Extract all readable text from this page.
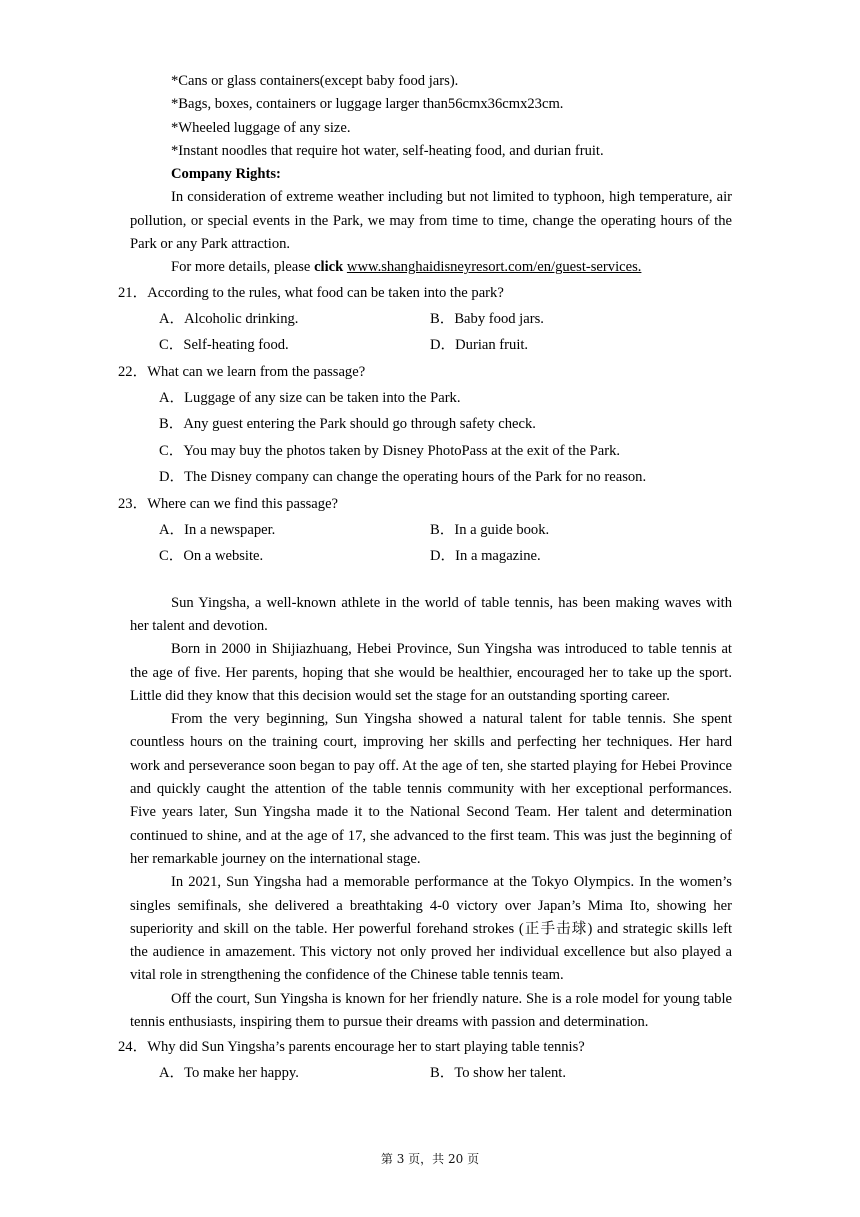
*Cans or glass containers(except baby food jars).
*Bags, boxes, containers or luggage larger than56cmx36cmx23cm.
*Wheeled luggage of any size.
*Instant noodles that require hot water, self-heating food, and durian fruit.
Company Rights:
In consideration of extreme weather including but not limited to typhoon, high temperature, air pollution, or special events in the Park, we may from time to time, change the operating hours of the Park or any Park attraction.
For more details, please click www.shanghaidisneyresort.com/en/guest-services.
21．According to the rules, what food can be taken into the park?
A．Alcoholic drinking.	B．Baby food jars.
C．Self-heating food.	D．Durian fruit.
22．What can we learn from the passage?
A．Luggage of any size can be taken into the Park.
B．Any guest entering the Park should go through safety check.
C．You may buy the photos taken by Disney PhotoPass at the exit of the Park.
D．The Disney company can change the operating hours of the Park for no reason.
23．Where can we find this passage?
A．In a newspaper.	B．In a guide book.
C．On a website.	D．In a magazine.
Sun Yingsha, a well-known athlete in the world of table tennis, has been making waves with her talent and devotion.
Born in 2000 in Shijiazhuang, Hebei Province, Sun Yingsha was introduced to table tennis at the age of five. Her parents, hoping that she would be healthier, encouraged her to take up the sport. Little did they know that this decision would set the stage for an outstanding sporting career.
From the very beginning, Sun Yingsha showed a natural talent for table tennis. She spent countless hours on the training court, improving her skills and perfecting her techniques. Her hard work and perseverance soon began to pay off. At the age of ten, she started playing for Hebei Province and quickly caught the attention of the table tennis community with her exceptional performances. Five years later, Sun Yingsha made it to the National Second Team. Her talent and determination continued to shine, and at the age of 17, she advanced to the first team. This was just the beginning of her remarkable journey on the international stage.
In 2021, Sun Yingsha had a memorable performance at the Tokyo Olympics. In the women’s singles semifinals, she delivered a breathtaking 4-0 victory over Japan’s Mima Ito, showing her superiority and skill on the table. Her powerful forehand strokes (正手击球) and strategic skills left the audience in amazement. This victory not only proved her individual excellence but also played a vital role in strengthening the confidence of the Chinese table tennis team.
Off the court, Sun Yingsha is known for her friendly nature. She is a role model for young table tennis enthusiasts, inspiring them to pursue their dreams with passion and determination.
24．Why did Sun Yingsha’s parents encourage her to start playing table tennis?
A．To make her happy.	B．To show her talent.
第 3 页，共 20 页
